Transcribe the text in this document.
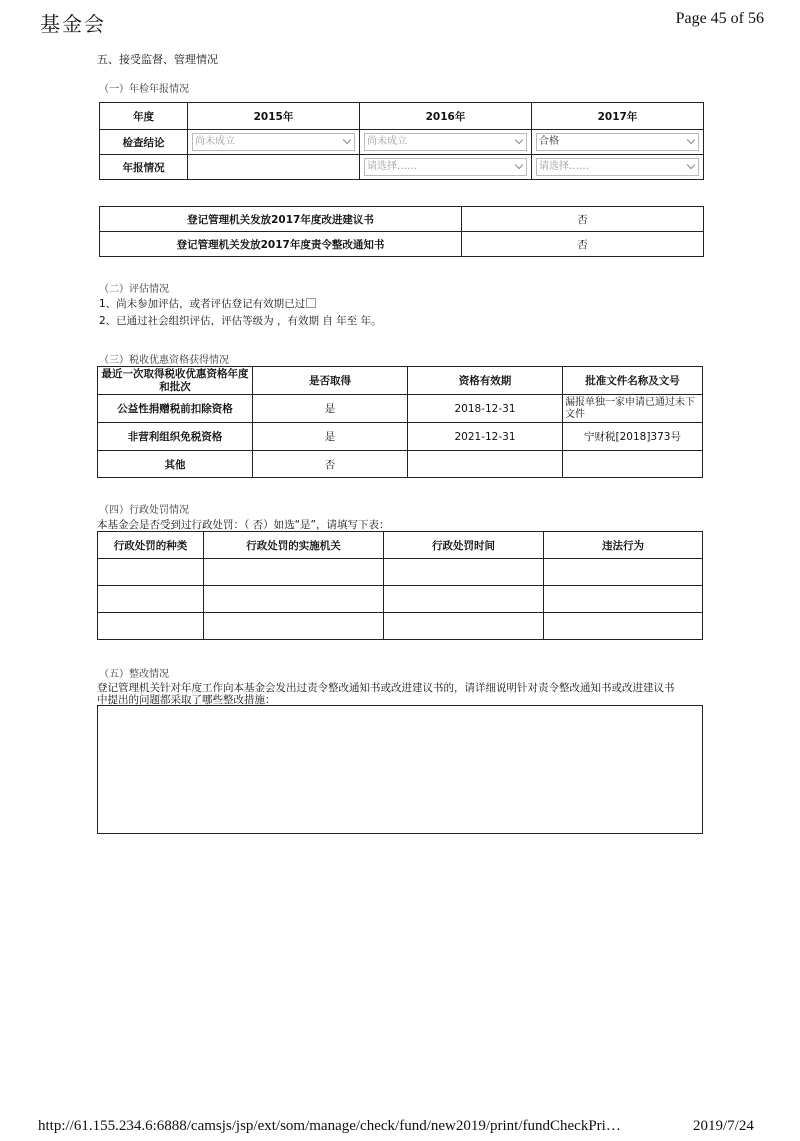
基金会	Page 45 of 56
五、接受监督、管理情况
（一）年检年报情况
年度	2015年	2016年	2017年
检查结论	尚未成立	尚未成立	合格

年报情况		请选择……	请选择……
登记管理机关发放2017年度改进建议书	否
登记管理机关发放2017年度责令整改通知书	否
（二）评估情况
1、尚未参加评估，或者评估登记有效期已过
2、已通过社会组织评估，评估等级为 ，有效期 自 年至 年。
（三）税收优惠资格获得情况
最近一次取得税收优惠资格年度和批次	是否取得	资格有效期	批准文件名称及文号
公益性捐赠税前扣除资格	是	2018-12-31	漏报单独一家申请已通过未下文件
非营利组织免税资格	是	2021-12-31	宁财税[2018]373号
其他	否		
（四）行政处罚情况
本基金会是否受到过行政处罚：（ 否）如选“是”，请填写下表：
行政处罚的种类	行政处罚的实施机关	行政处罚时间	违法行为

（五）整改情况
登记管理机关针对年度工作向本基金会发出过责令整改通知书或改进建议书的，请详细说明针对责令整改通知书或改进建议书
中提出的问题都采取了哪些整改措施：
http://61.155.234.6:6888/camsjs/jsp/ext/som/manage/check/fund/new2019/print/fundCheckPri…	2019/7/24
